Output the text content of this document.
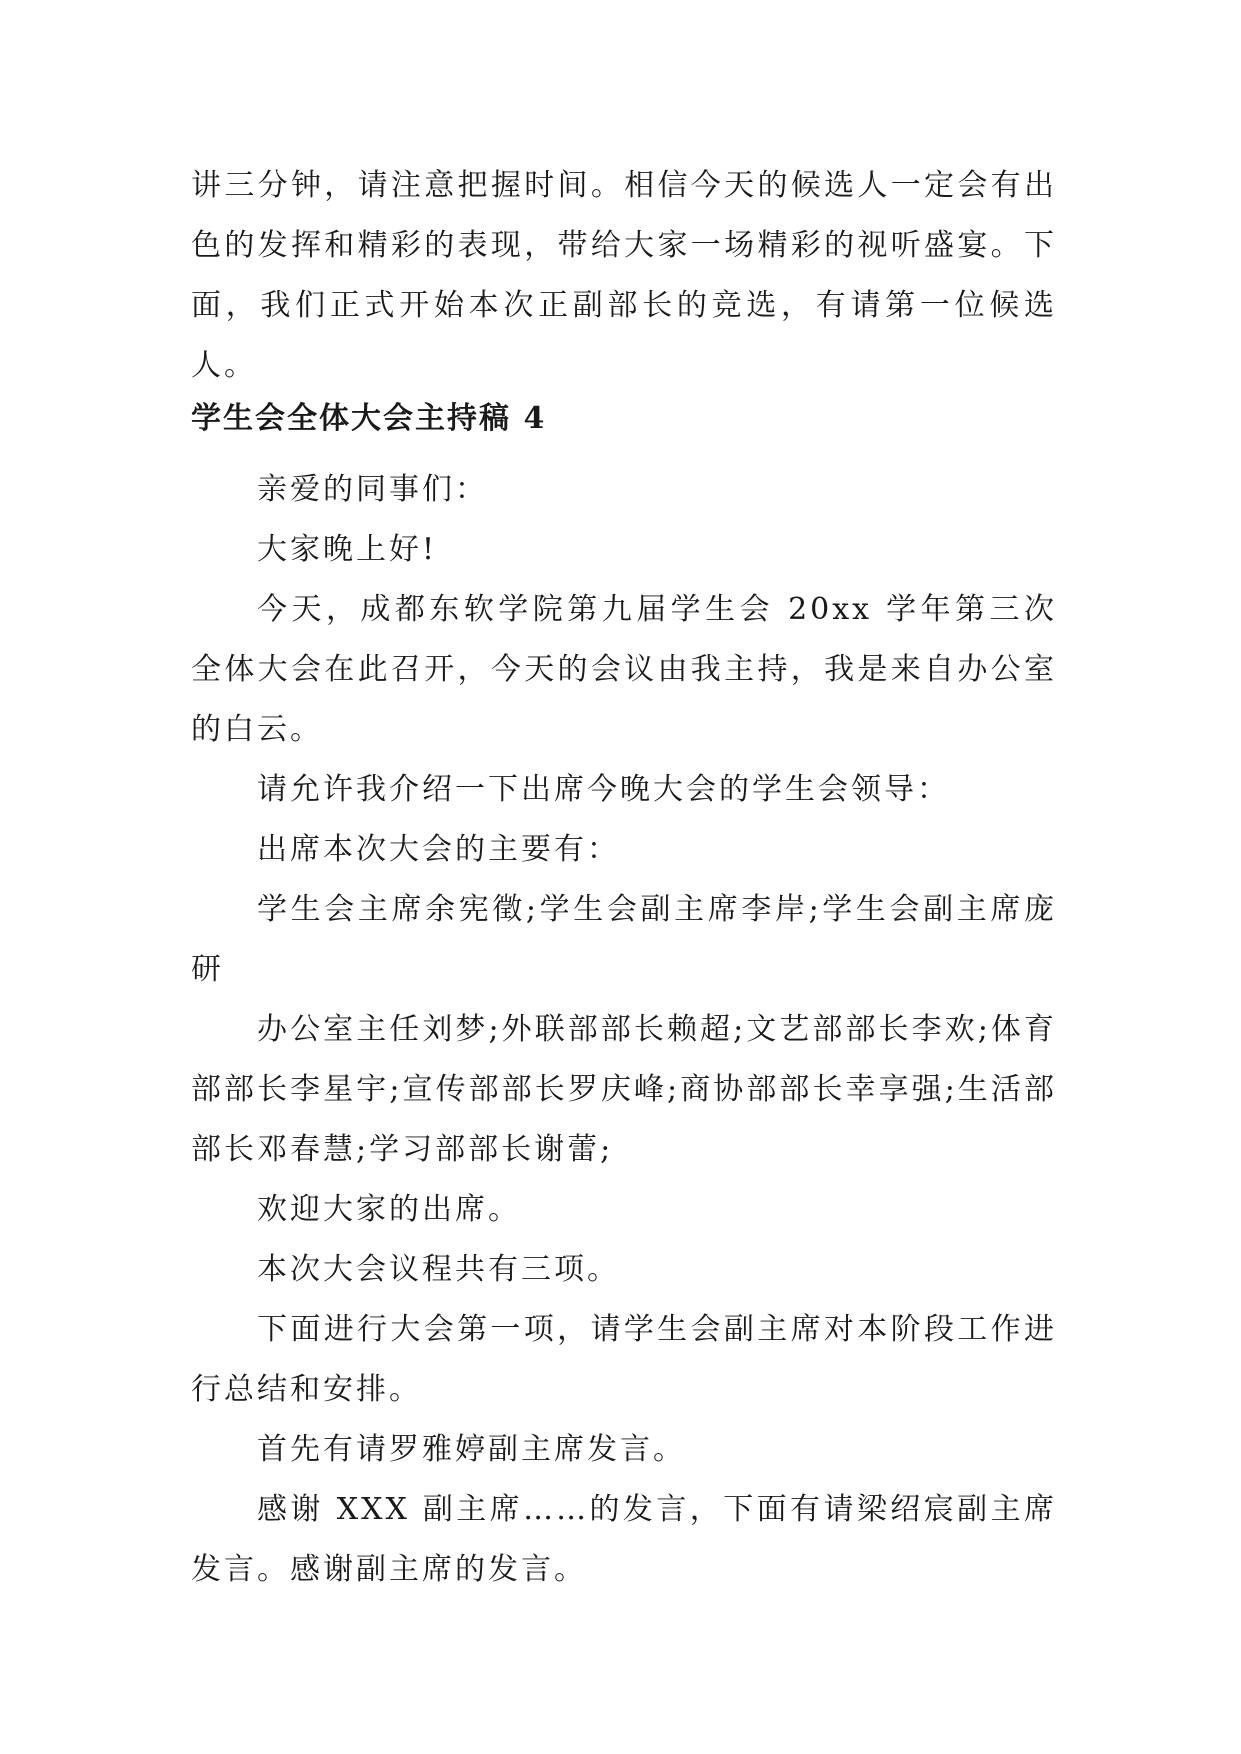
讲三分钟，请注意把握时间。相信今天的候选人一定会有出色的发挥和精彩的表现，带给大家一场精彩的视听盛宴。下面，我们正式开始本次正副部长的竞选，有请第一位候选人。

学生会全体大会主持稿 4

亲爱的同事们：

大家晚上好!

今天，成都东软学院第九届学生会 20xx 学年第三次全体大会在此召开，今天的会议由我主持，我是来自办公室的白云。

请允许我介绍一下出席今晚大会的学生会领导：

出席本次大会的主要有：

学生会主席余宪徵;学生会副主席李岸;学生会副主席庞研

办公室主任刘梦;外联部部长赖超;文艺部部长李欢;体育部部长李星宇;宣传部部长罗庆峰;商协部部长幸享强;生活部部长邓春慧;学习部部长谢蕾;

欢迎大家的出席。

本次大会议程共有三项。

下面进行大会第一项，请学生会副主席对本阶段工作进行总结和安排。

首先有请罗雅婷副主席发言。

感谢 XXX 副主席……的发言，下面有请梁绍宸副主席发言。感谢副主席的发言。
